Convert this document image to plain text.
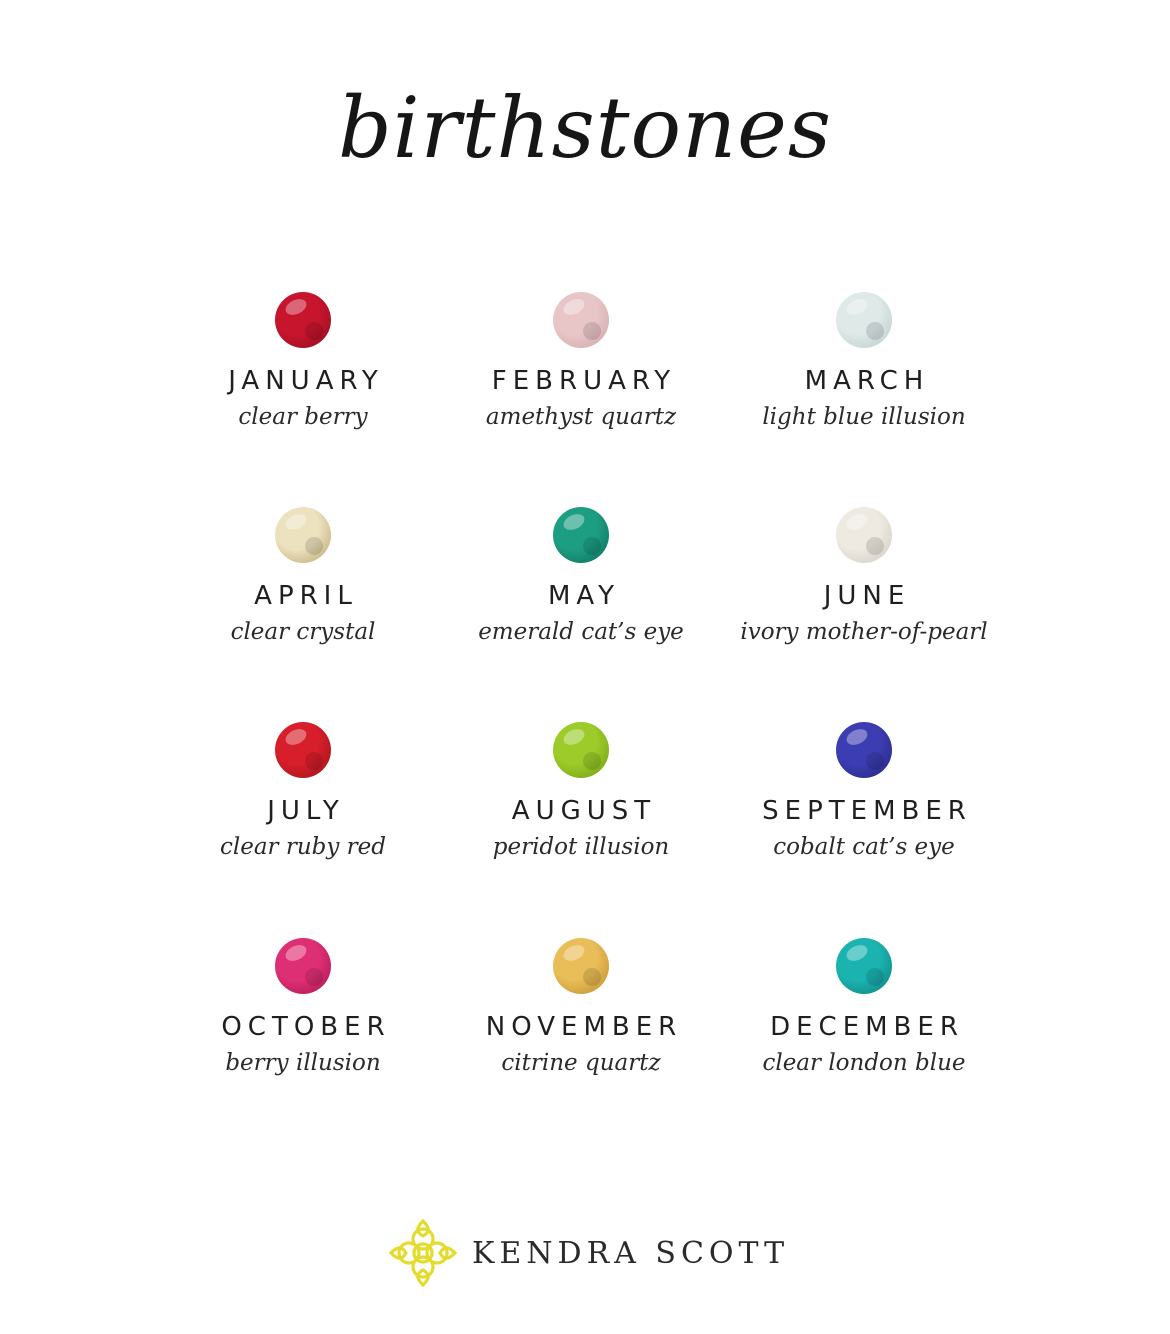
birthstones
JANUARY
clear berry
FEBRUARY
amethyst quartz
MARCH
light blue illusion
APRIL
clear crystal
MAY
emerald cat’s eye
JUNE
ivory mother-of-pearl
JULY
clear ruby red
AUGUST
peridot illusion
SEPTEMBER
cobalt cat’s eye
OCTOBER
berry illusion
NOVEMBER
citrine quartz
DECEMBER
clear london blue
KENDRA SCOTT
